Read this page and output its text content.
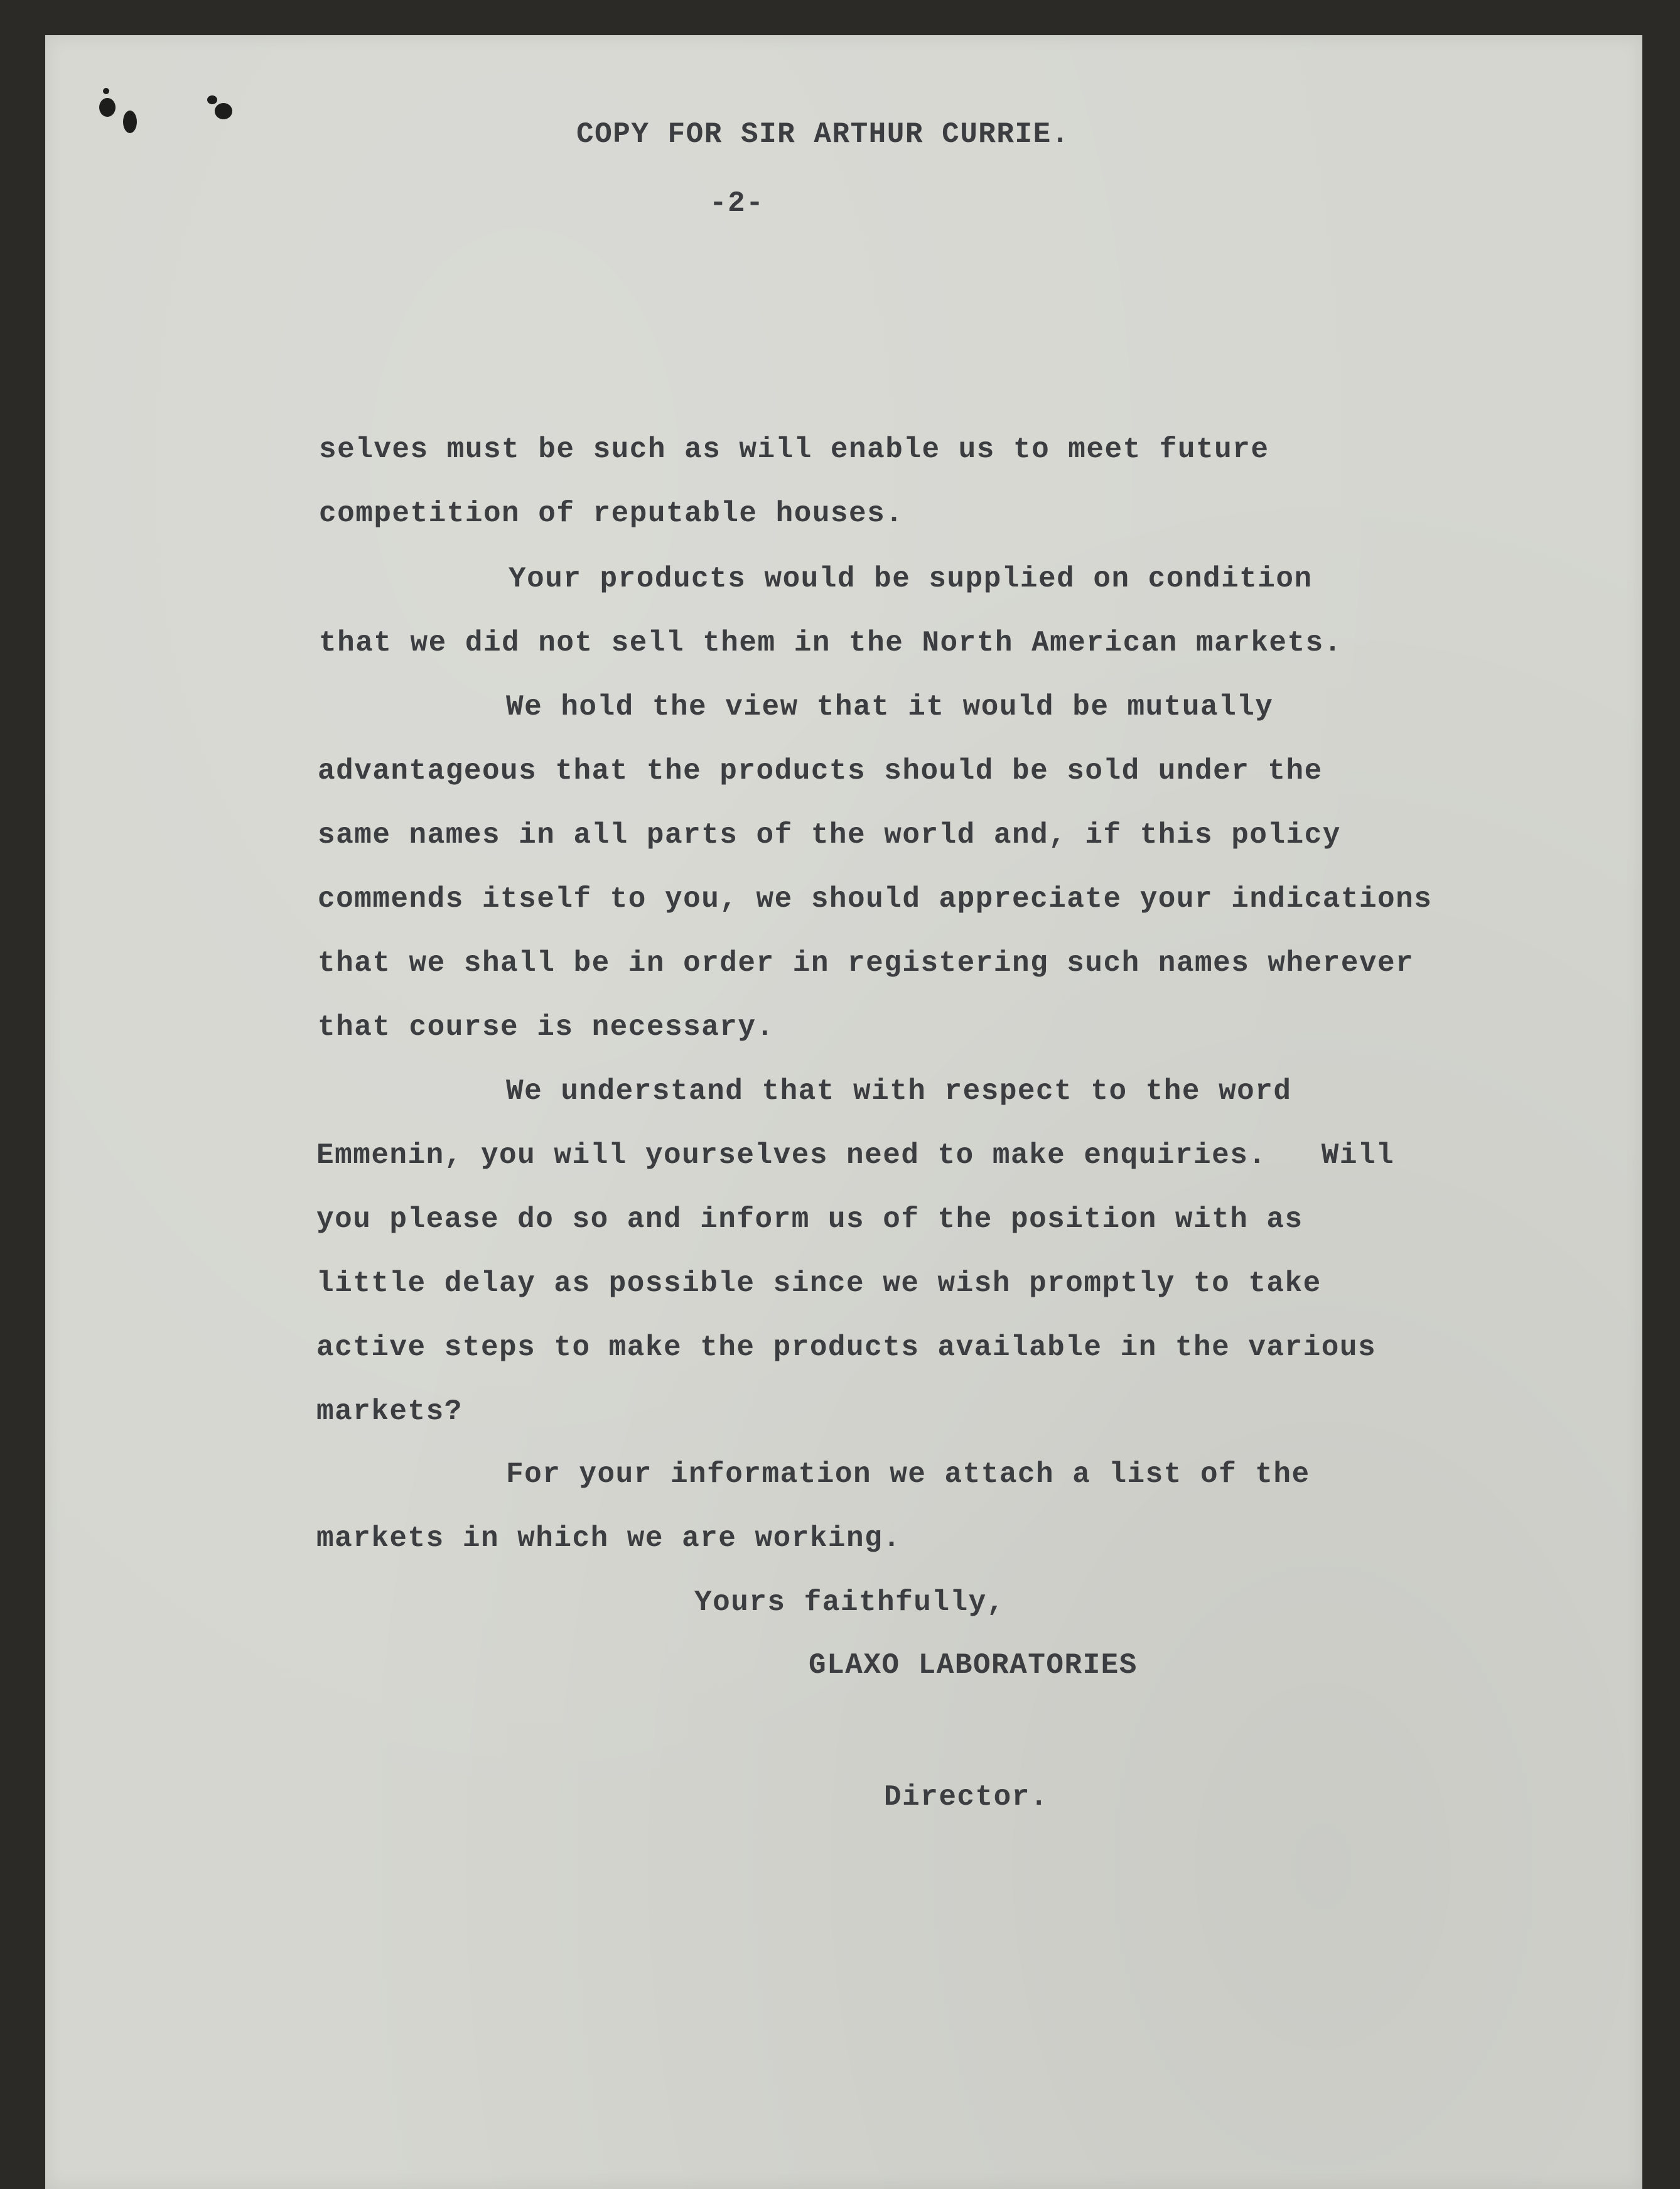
COPY FOR SIR ARTHUR CURRIE.
-2-
selves must be such as will enable us to meet future
competition of reputable houses.
Your products would be supplied on condition
that we did not sell them in the North American markets.
We hold the view that it would be mutually
advantageous that the products should be sold under the
same names in all parts of the world and, if this policy
commends itself to you, we should appreciate your indications
that we shall be in order in registering such names wherever
that course is necessary.
We understand that with respect to the word
Emmenin, you will yourselves need to make enquiries.   Will
you please do so and inform us of the position with as
little delay as possible since we wish promptly to take
active steps to make the products available in the various
markets?
For your information we attach a list of the
markets in which we are working.
Yours faithfully,
GLAXO LABORATORIES
Director.
